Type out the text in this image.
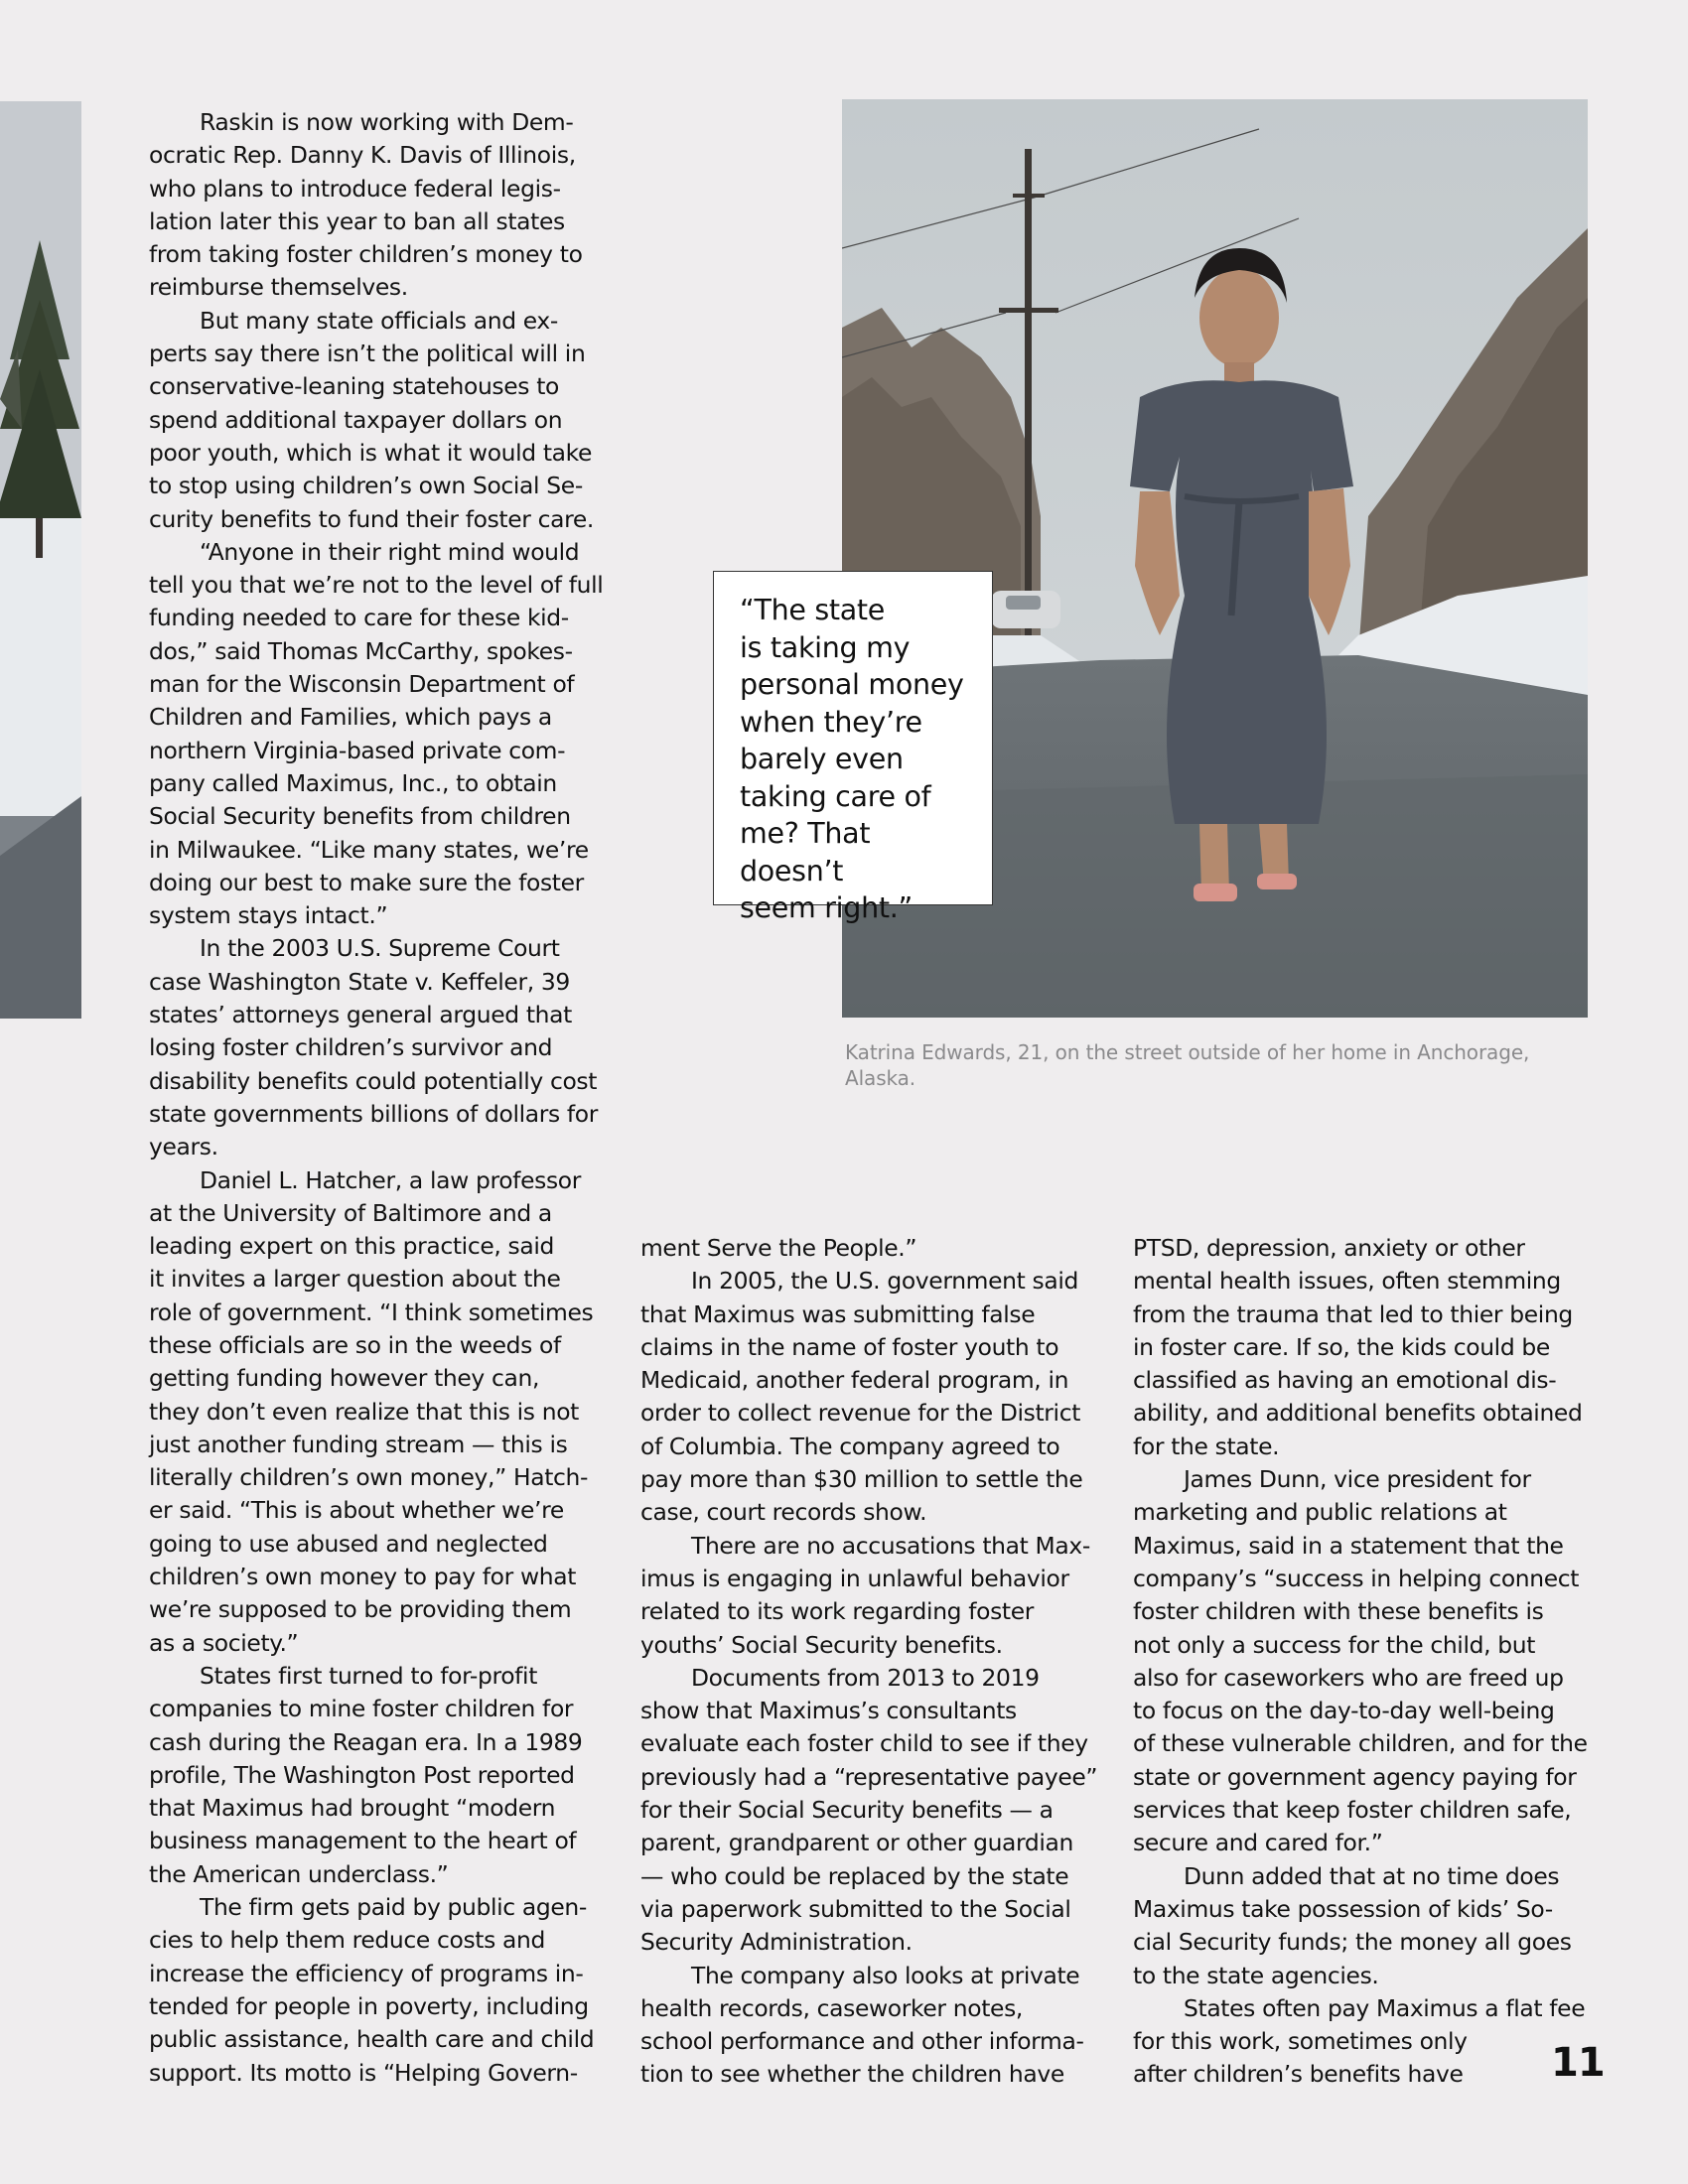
“The state
is taking my
personal money
when they’re
barely even
taking care of
me? That doesn’t
seem right.”
Katrina Edwards, 21, on the street outside of her home in Anchorage, Alaska.

Raskin is now working with Dem-
ocratic Rep. Danny K. Davis of Illinois,
who plans to introduce federal legis-
lation later this year to ban all states
from taking foster children’s money to
reimburse themselves.

But many state officials and ex-
perts say there isn’t the political will in
conservative-leaning statehouses to
spend additional taxpayer dollars on
poor youth, which is what it would take
to stop using children’s own Social Se-
curity benefits to fund their foster care.

“Anyone in their right mind would
tell you that we’re not to the level of full
funding needed to care for these kid-
dos,” said Thomas McCarthy, spokes-
man for the Wisconsin Department of
Children and Families, which pays a
northern Virginia-based private com-
pany called Maximus, Inc., to obtain
Social Security benefits from children
in Milwaukee. “Like many states, we’re
doing our best to make sure the foster
system stays intact.”

In the 2003 U.S. Supreme Court
case Washington State v. Keffeler, 39
states’ attorneys general argued that
losing foster children’s survivor and
disability benefits could potentially cost
state governments billions of dollars for
years.

Daniel L. Hatcher, a law professor
at the University of Baltimore and a
leading expert on this practice, said
it invites a larger question about the
role of government. “I think sometimes
these officials are so in the weeds of
getting funding however they can,
they don’t even realize that this is not
just another funding stream — this is
literally children’s own money,” Hatch-
er said. “This is about whether we’re
going to use abused and neglected
children’s own money to pay for what
we’re supposed to be providing them
as a society.”

States first turned to for-profit
companies to mine foster children for
cash during the Reagan era. In a 1989
profile, The Washington Post reported
that Maximus had brought “modern
business management to the heart of
the American underclass.”

The firm gets paid by public agen-
cies to help them reduce costs and
increase the efficiency of programs in-
tended for people in poverty, including
public assistance, health care and child
support. Its motto is “Helping Govern-

ment Serve the People.”

In 2005, the U.S. government said
that Maximus was submitting false
claims in the name of foster youth to
Medicaid, another federal program, in
order to collect revenue for the District
of Columbia. The company agreed to
pay more than $30 million to settle the
case, court records show.

There are no accusations that Max-
imus is engaging in unlawful behavior
related to its work regarding foster
youths’ Social Security benefits.

Documents from 2013 to 2019
show that Maximus’s consultants
evaluate each foster child to see if they
previously had a “representative payee”
for their Social Security benefits — a
parent, grandparent or other guardian
— who could be replaced by the state
via paperwork submitted to the Social
Security Administration.

The company also looks at private
health records, caseworker notes,
school performance and other informa-
tion to see whether the children have

PTSD, depression, anxiety or other
mental health issues, often stemming
from the trauma that led to thier being
in foster care. If so, the kids could be
classified as having an emotional dis-
ability, and additional benefits obtained
for the state.

James Dunn, vice president for
marketing and public relations at
Maximus, said in a statement that the
company’s “success in helping connect
foster children with these benefits is
not only a success for the child, but
also for caseworkers who are freed up
to focus on the day-to-day well-being
of these vulnerable children, and for the
state or government agency paying for
services that keep foster children safe,
secure and cared for.”

Dunn added that at no time does
Maximus take possession of kids’ So-
cial Security funds; the money all goes
to the state agencies.

States often pay Maximus a flat fee
for this work, sometimes only
after children’s benefits have	11
